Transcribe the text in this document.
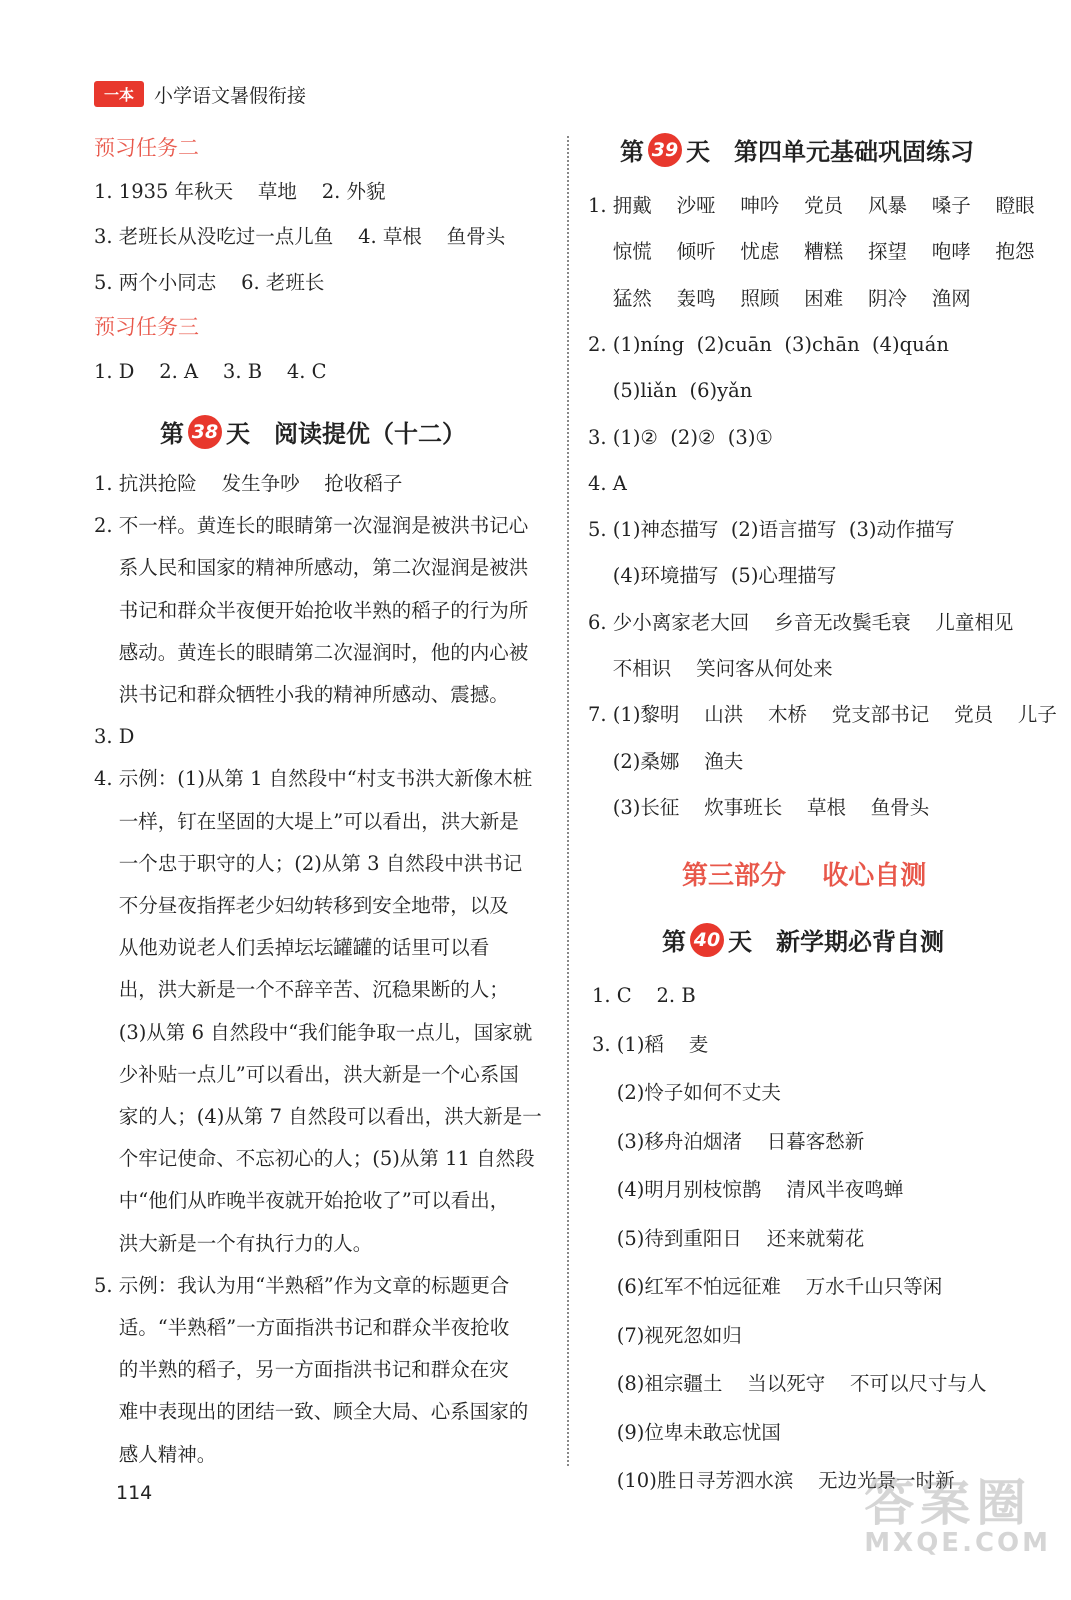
一本	小学语文暑假衔接
预习任务二
1. 1935 年秋天    草地    2. 外貌
3. 老班长从没吃过一点儿鱼    4. 草根    鱼骨头
5. 两个小同志    6. 老班长
预习任务三
1. D    2. A    3. B    4. C
第 38 天 阅读提优（十二）
1. 抗洪抢险    发生争吵    抢收稻子
2. 不一样。黄连长的眼睛第一次湿润是被洪书记心
系人民和国家的精神所感动，第二次湿润是被洪
书记和群众半夜便开始抢收半熟的稻子的行为所
感动。黄连长的眼睛第二次湿润时，他的内心被
洪书记和群众牺牲小我的精神所感动、震撼。
3. D
4. 示例：(1)从第 1 自然段中“村支书洪大新像木桩
一样，钉在坚固的大堤上”可以看出，洪大新是
一个忠于职守的人；(2)从第 3 自然段中洪书记
不分昼夜指挥老少妇幼转移到安全地带，以及
从他劝说老人们丢掉坛坛罐罐的话里可以看
出，洪大新是一个不辞辛苦、沉稳果断的人；
(3)从第 6 自然段中“我们能争取一点儿，国家就
少补贴一点儿”可以看出，洪大新是一个心系国
家的人；(4)从第 7 自然段可以看出，洪大新是一
个牢记使命、不忘初心的人；(5)从第 11 自然段
中“他们从昨晚半夜就开始抢收了”可以看出，
洪大新是一个有执行力的人。
5. 示例：我认为用“半熟稻”作为文章的标题更合
适。“半熟稻”一方面指洪书记和群众半夜抢收
的半熟的稻子，另一方面指洪书记和群众在灾
难中表现出的团结一致、顾全大局、心系国家的
感人精神。
114
第 39 天 第四单元基础巩固练习
1. 拥戴    沙哑    呻吟    党员    风暴    嗓子    瞪眼
惊慌    倾听    忧虑    糟糕    探望    咆哮    抱怨
猛然    轰鸣    照顾    困难    阴冷    渔网
2. (1)níng  (2)cuān  (3)chān  (4)quán
(5)liǎn  (6)yǎn
3. (1)②  (2)②  (3)①
4. A
5. (1)神态描写  (2)语言描写  (3)动作描写
(4)环境描写  (5)心理描写
6. 少小离家老大回    乡音无改鬓毛衰    儿童相见
不相识    笑问客从何处来
7. (1)黎明    山洪    木桥    党支部书记    党员    儿子
(2)桑娜    渔夫
(3)长征    炊事班长    草根    鱼骨头
第三部分    收心自测
第 40 天 新学期必背自测
1. C    2. B
3. (1)稻    麦
(2)怜子如何不丈夫
(3)移舟泊烟渚    日暮客愁新
(4)明月别枝惊鹊    清风半夜鸣蝉
(5)待到重阳日    还来就菊花
(6)红军不怕远征难    万水千山只等闲
(7)视死忽如归
(8)祖宗疆土    当以死守    不可以尺寸与人
(9)位卑未敢忘忧国
(10)胜日寻芳泗水滨    无边光景一时新
答案圈
MXQE.COM
